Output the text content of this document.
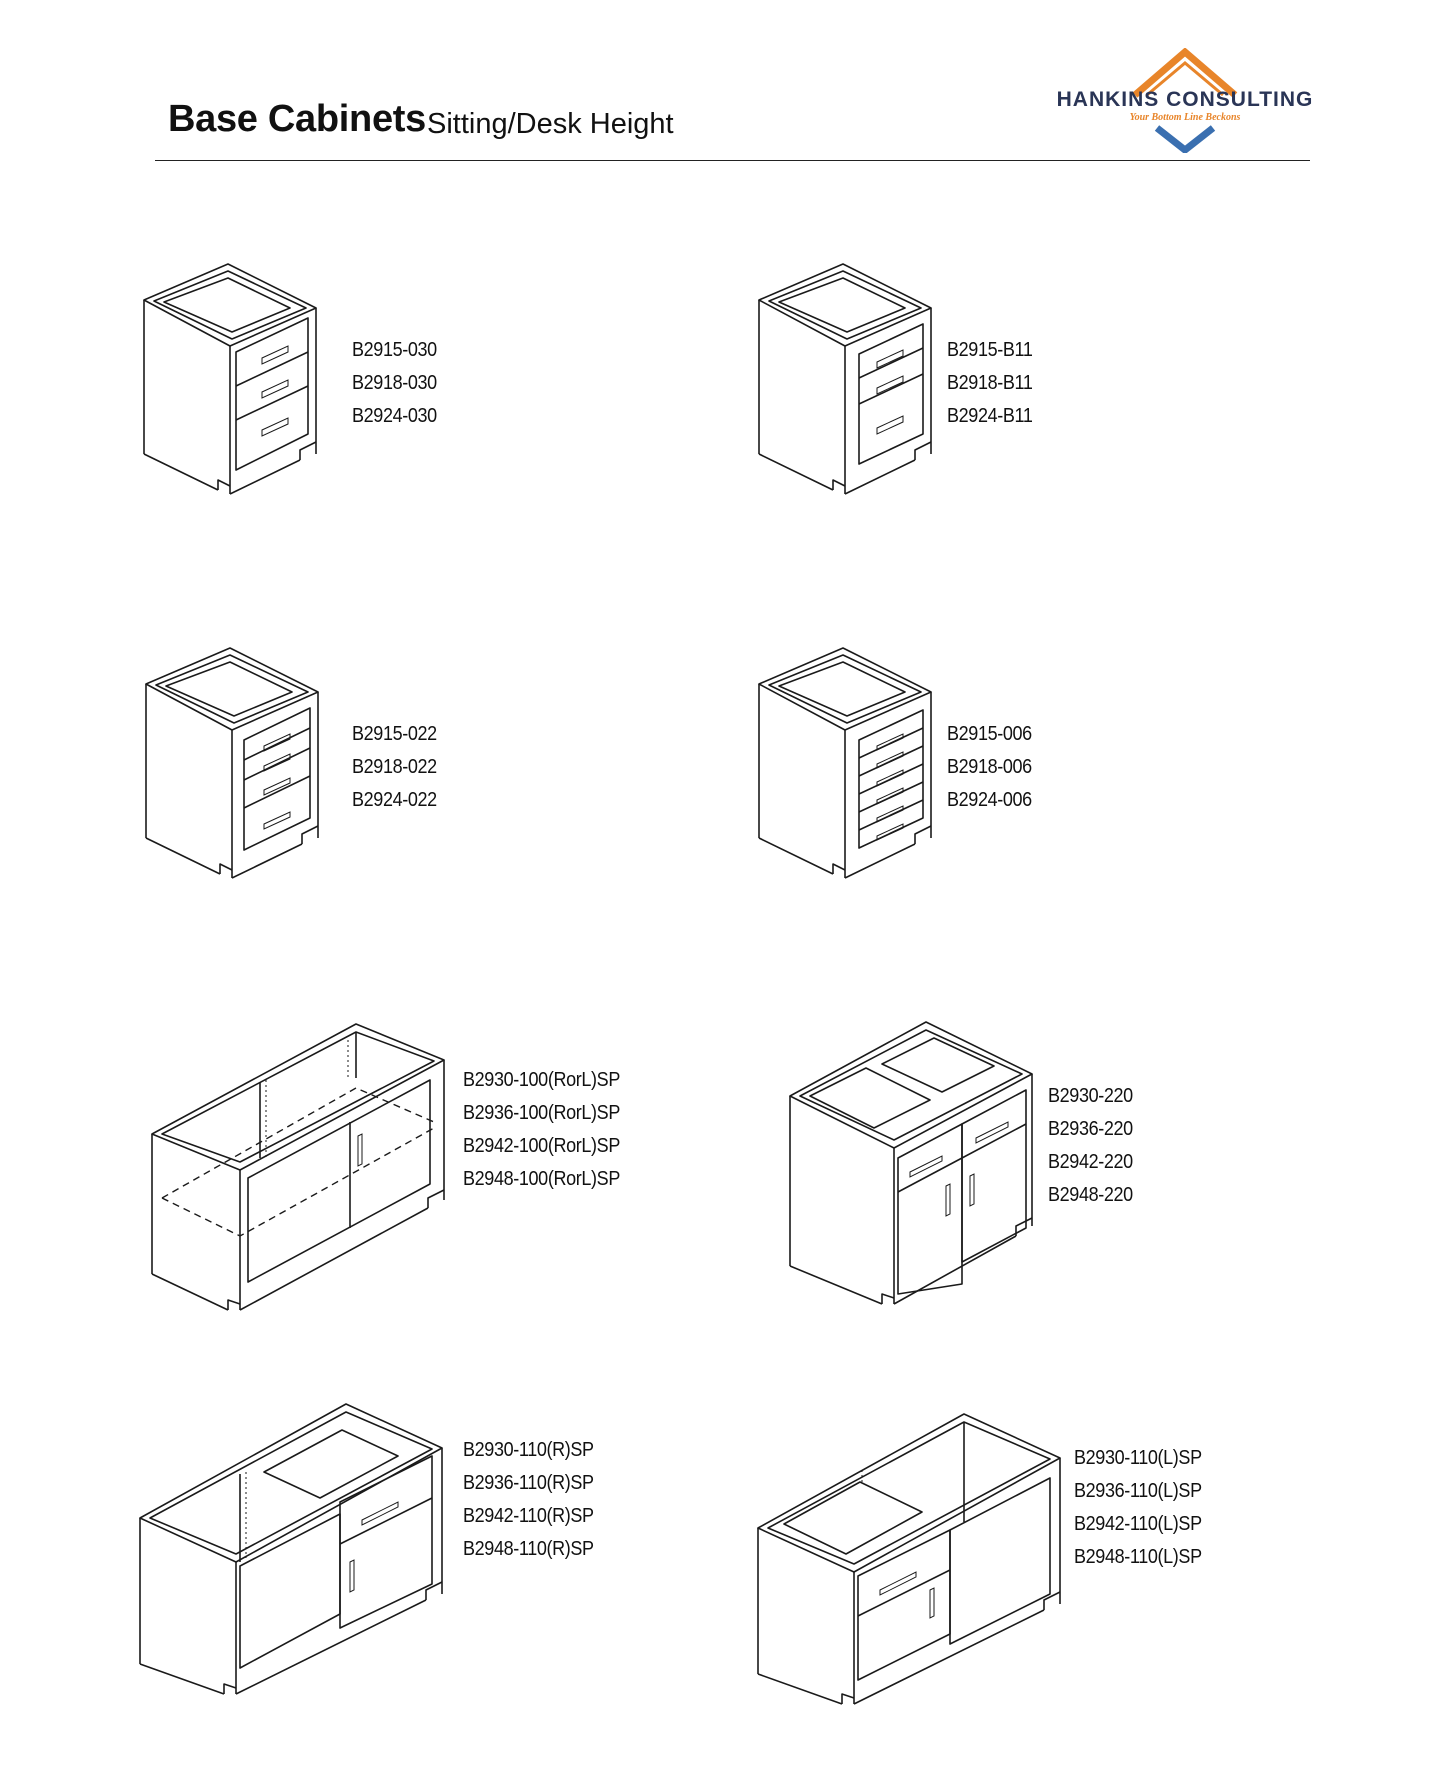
Base Cabinets Sitting/Desk Height
HANKINS CONSULTING
Your Bottom Line Beckons
B2915-030
B2918-030
B2924-030
B2915-B11
B2918-B11
B2924-B11
B2915-022
B2918-022
B2924-022
B2915-006
B2918-006
B2924-006
B2930-100(RorL)SP
B2936-100(RorL)SP
B2942-100(RorL)SP
B2948-100(RorL)SP
B2930-220
B2936-220
B2942-220
B2948-220
B2930-110(R)SP
B2936-110(R)SP
B2942-110(R)SP
B2948-110(R)SP
B2930-110(L)SP
B2936-110(L)SP
B2942-110(L)SP
B2948-110(L)SP
